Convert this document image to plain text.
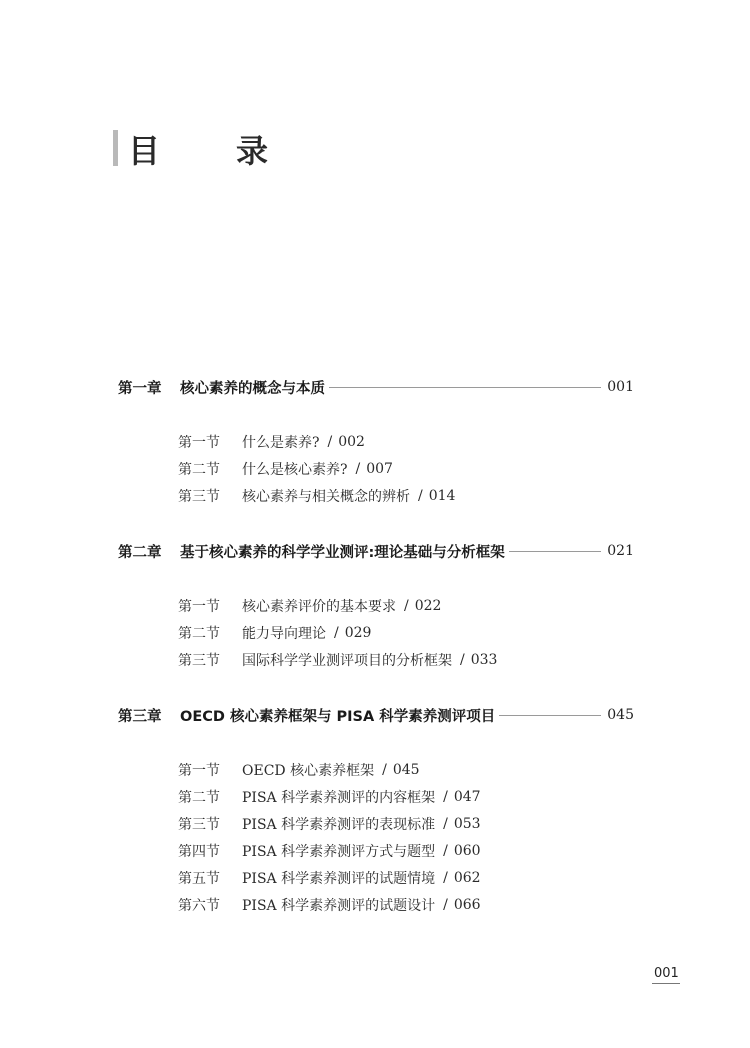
目　录
第一章	核心素养的概念与本质	001
第一节	什么是素养? / 002
第二节	什么是核心素养? / 007
第三节	核心素养与相关概念的辨析 / 014
第二章	基于核心素养的科学学业测评:理论基础与分析框架	021
第一节	核心素养评价的基本要求 / 022
第二节	能力导向理论 / 029
第三节	国际科学学业测评项目的分析框架 / 033
第三章	OECD 核心素养框架与 PISA 科学素养测评项目	045
第一节	OECD 核心素养框架 / 045
第二节	PISA 科学素养测评的内容框架 / 047
第三节	PISA 科学素养测评的表现标准 / 053
第四节	PISA 科学素养测评方式与题型 / 060
第五节	PISA 科学素养测评的试题情境 / 062
第六节	PISA 科学素养测评的试题设计 / 066
001
